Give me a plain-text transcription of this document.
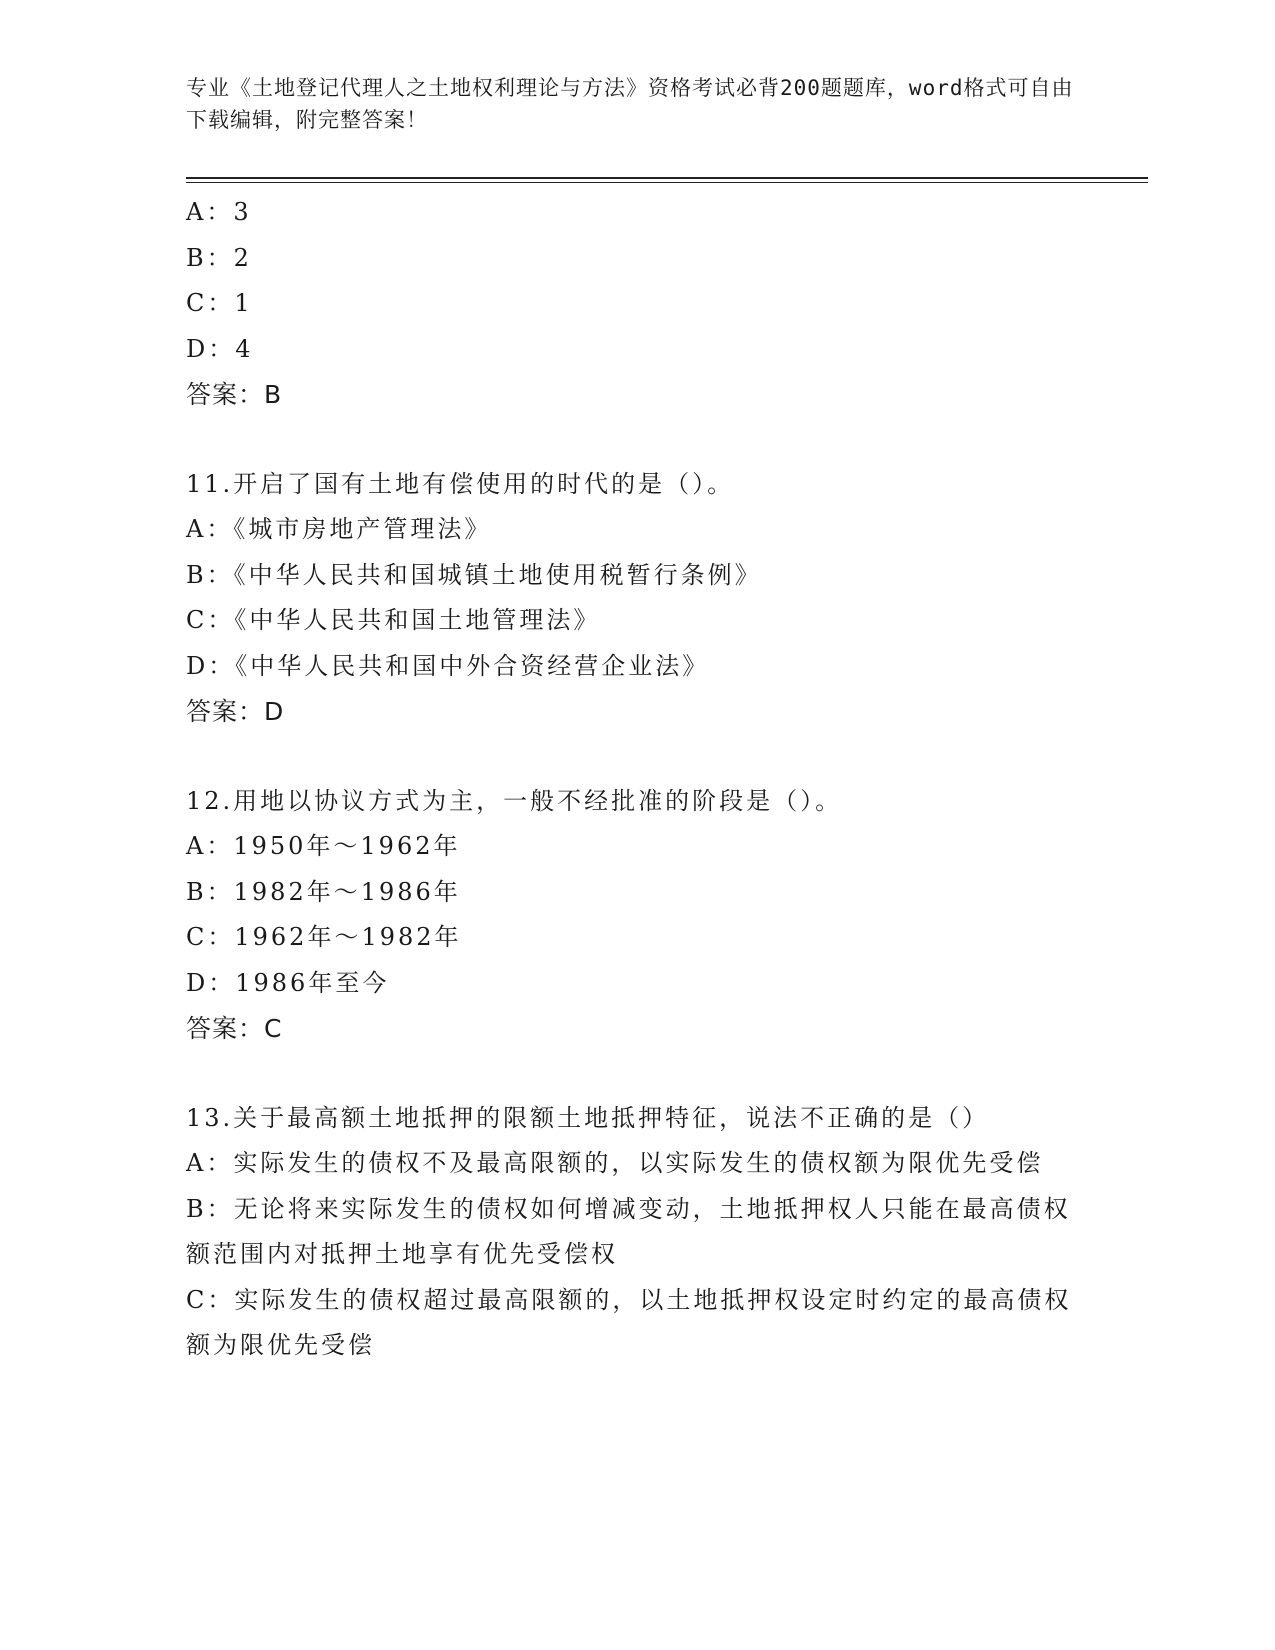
专业《土地登记代理人之土地权利理论与方法》资格考试必背200题题库，word格式可自由下载编辑，附完整答案！
A：3
B：2
C：1
D：4
答案：B
11.开启了国有土地有偿使用的时代的是（）。
A：《城市房地产管理法》
B：《中华人民共和国城镇土地使用税暂行条例》
C：《中华人民共和国土地管理法》
D：《中华人民共和国中外合资经营企业法》
答案：D
12.用地以协议方式为主，一般不经批准的阶段是（）。
A：1950年～1962年
B：1982年～1986年
C：1962年～1982年
D：1986年至今
答案：C
13.关于最高额土地抵押的限额土地抵押特征，说法不正确的是（）
A：实际发生的债权不及最高限额的，以实际发生的债权额为限优先受偿
B：无论将来实际发生的债权如何增减变动，土地抵押权人只能在最高债权额范围内对抵押土地享有优先受偿权
C：实际发生的债权超过最高限额的，以土地抵押权设定时约定的最高债权额为限优先受偿
